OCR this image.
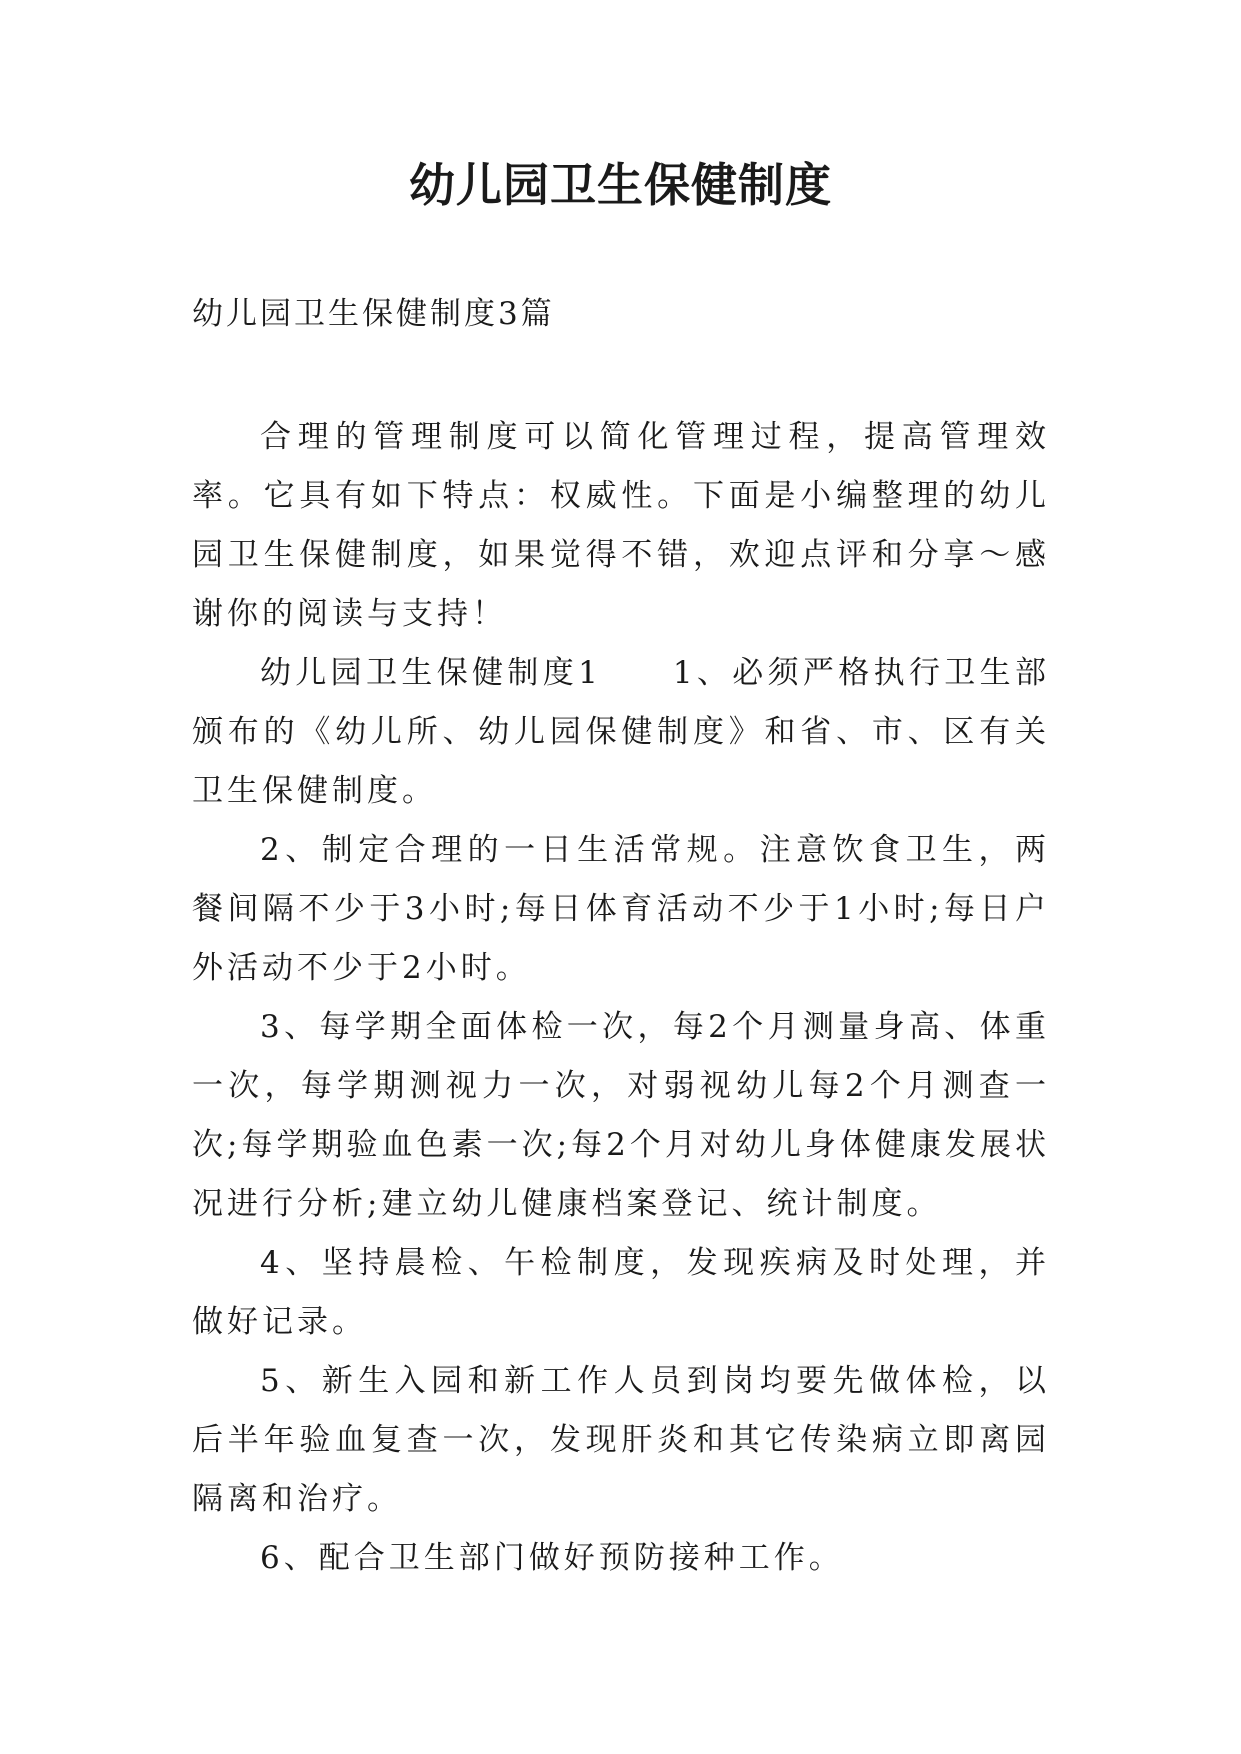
幼儿园卫生保健制度

幼儿园卫生保健制度3篇

合理的管理制度可以简化管理过程，提高管理效率。它具有如下特点：权威性。下面是小编整理的幼儿园卫生保健制度，如果觉得不错，欢迎点评和分享～感谢你的阅读与支持！

幼儿园卫生保健制度1　　1、必须严格执行卫生部颁布的《幼儿所、幼儿园保健制度》和省、市、区有关卫生保健制度。

2、制定合理的一日生活常规。注意饮食卫生，两餐间隔不少于3小时;每日体育活动不少于1小时;每日户外活动不少于2小时。

3、每学期全面体检一次，每2个月测量身高、体重一次，每学期测视力一次，对弱视幼儿每2个月测查一次;每学期验血色素一次;每2个月对幼儿身体健康发展状况进行分析;建立幼儿健康档案登记、统计制度。

4、坚持晨检、午检制度，发现疾病及时处理，并做好记录。

5、新生入园和新工作人员到岗均要先做体检，以后半年验血复查一次，发现肝炎和其它传染病立即离园隔离和治疗。

6、配合卫生部门做好预防接种工作。
